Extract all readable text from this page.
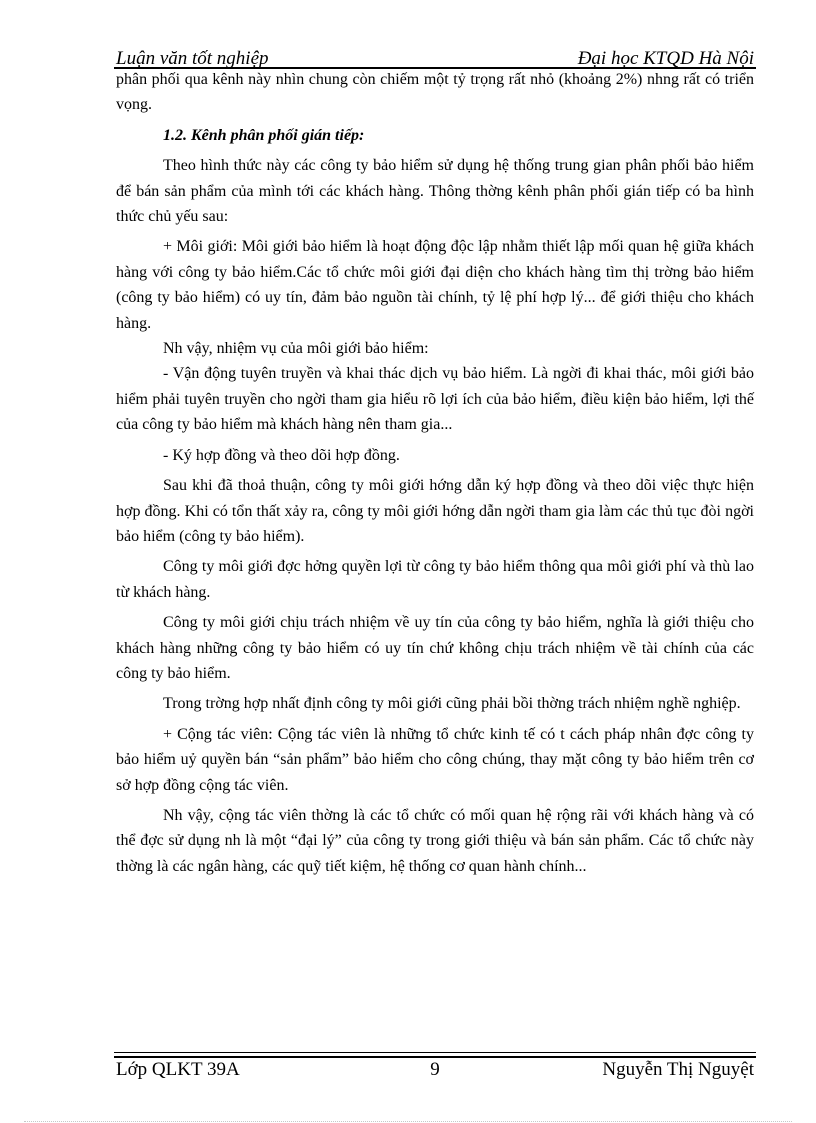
Luận văn tốt nghiệp	Đại học KTQD Hà Nội

phân phối qua kênh này nhìn chung còn chiếm một tỷ trọng rất nhỏ (khoảng 2%) nhng rất có triển vọng.

1.2. Kênh phân phối gián tiếp:

Theo hình thức này các công ty bảo hiểm sử dụng hệ thống trung gian phân phối bảo hiểm để bán sản phẩm của mình tới các khách hàng. Thông thờng kênh phân phối gián tiếp có ba hình thức chủ yếu sau:

+ Môi giới: Môi giới bảo hiểm là hoạt động độc lập nhằm thiết lập mối quan hệ giữa khách hàng với công ty bảo hiểm.Các tổ chức môi giới đại diện cho khách hàng tìm thị trờng bảo hiểm (công ty bảo hiểm) có uy tín, đảm bảo nguồn tài chính, tỷ lệ phí hợp lý... để giới thiệu cho khách hàng.

Nh vậy, nhiệm vụ của môi giới bảo hiểm:

- Vận động tuyên truyền và khai thác dịch vụ bảo hiểm. Là ngời đi khai thác, môi giới bảo hiểm phải tuyên truyền cho ngời tham gia hiểu rõ lợi ích của bảo hiểm, điều kiện bảo hiểm, lợi thế của công ty bảo hiểm mà khách hàng nên tham gia...

- Ký hợp đồng và theo dõi hợp đồng.

Sau khi đã thoả thuận, công ty môi giới hớng dẫn ký hợp đồng và theo dõi việc thực hiện hợp đồng. Khi có tổn thất xảy ra, công ty môi giới hớng dẫn ngời tham gia làm các thủ tục đòi ngời bảo hiểm (công ty bảo hiểm).

Công ty môi giới đợc hởng quyền lợi từ công ty bảo hiểm thông qua môi giới phí và thù lao từ khách hàng.

Công ty môi giới chịu trách nhiệm về uy tín của công ty bảo hiểm, nghĩa là giới thiệu cho khách hàng những công ty bảo hiểm có uy tín chứ không chịu trách nhiệm về tài chính của các công ty bảo hiểm.

Trong trờng hợp nhất định công ty môi giới cũng phải bồi thờng trách nhiệm nghề nghiệp.

+ Cộng tác viên: Cộng tác viên là những tổ chức kinh tế có t cách pháp nhân đợc công ty bảo hiểm uỷ quyền bán “sản phẩm” bảo hiểm cho công chúng, thay mặt công ty bảo hiểm trên cơ sở hợp đồng cộng tác viên.

Nh vậy, cộng tác viên thờng là các tổ chức có mối quan hệ rộng rãi với khách hàng và có thể đợc sử dụng nh là một “đại lý” của công ty trong giới thiệu và bán sản phẩm. Các tổ chức này thờng là các ngân hàng, các quỹ tiết kiệm, hệ thống cơ quan hành chính...

Lớp QLKT 39A	9	Nguyễn Thị Nguyệt
